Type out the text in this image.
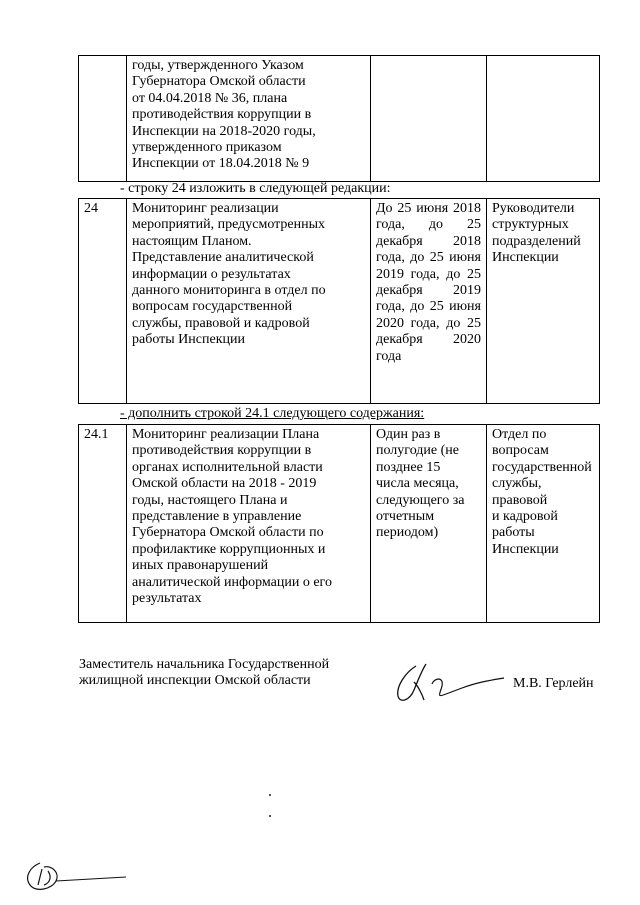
	годы, утвержденного Указом
Губернатора Омской области
от 04.04.2018 № 36, плана
противодействия коррупции в
Инспекции на 2018-2020 годы,
утвержденного приказом
Инспекции от 18.04.2018 № 9		
- строку 24 изложить в следующей редакции:
24	Мониторинг реализации
мероприятий, предусмотренных
настоящим Планом.
Представление аналитической
информации о результатах
данного мониторинга в отдел по
вопросам государственной
службы, правовой и кадровой
работы Инспекции	До 25 июня 2018 года, до 25 декабря 2018 года, до 25 июня 2019 года, до 25 декабря 2019 года, до 25 июня 2020 года, до 25 декабря 2020 года	Руководители
структурных
подразделений
Инспекции
- дополнить строкой 24.1 следующего содержания:
24.1	Мониторинг реализации Плана
противодействия коррупции в
органах исполнительной власти
Омской области на 2018 - 2019
годы, настоящего Плана и
представление в управление
Губернатора Омской области по
профилактике коррупционных и
иных правонарушений
аналитической информации о его
результатах	Один раз в
полугодие (не
позднее 15
числа месяца,
следующего за
отчетным
периодом)	Отдел по
вопросам
государственной
службы, правовой
и кадровой работы
Инспекции
Заместитель начальника Государственной
жилищной инспекции Омской области	М.В. Герлейн
